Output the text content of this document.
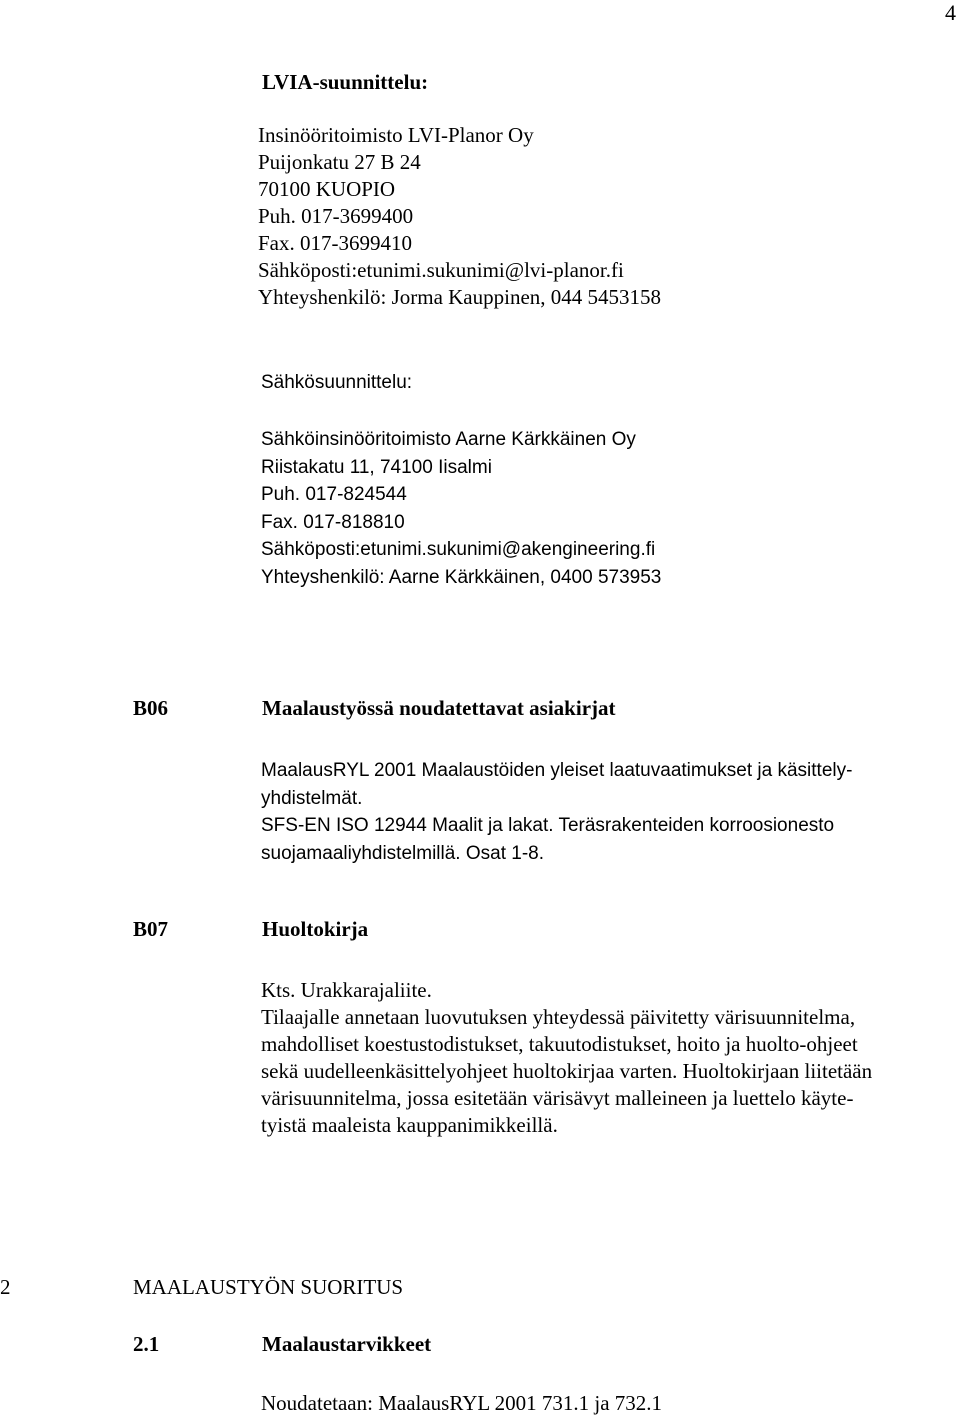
4
LVIA-suunnittelu:
Insinööritoimisto LVI-Planor Oy
Puijonkatu 27 B 24
70100 KUOPIO
Puh. 017-3699400
Fax. 017-3699410
Sähköposti:etunimi.sukunimi@lvi-planor.fi
Yhteyshenkilö: Jorma Kauppinen, 044 5453158
Sähkösuunnittelu:
Sähköinsinööritoimisto Aarne Kärkkäinen Oy
Riistakatu 11, 74100 Iisalmi
Puh. 017-824544
Fax. 017-818810
Sähköposti:etunimi.sukunimi@akengineering.fi
Yhteyshenkilö: Aarne Kärkkäinen, 0400 573953
B06	Maalaustyössä noudatettavat asiakirjat
MaalausRYL 2001 Maalaustöiden yleiset laatuvaatimukset ja käsittely-
yhdistelmät.
SFS-EN ISO 12944 Maalit ja lakat. Teräsrakenteiden korroosionesto
suojamaaliyhdistelmillä. Osat 1-8.
B07	Huoltokirja
Kts. Urakkarajaliite.
Tilaajalle annetaan luovutuksen yhteydessä päivitetty värisuunnitelma,
mahdolliset koestustodistukset, takuutodistukset, hoito ja huolto-ohjeet
sekä uudelleenkäsittelyohjeet huoltokirjaa varten. Huoltokirjaan liitetään
värisuunnitelma, jossa esitetään värisävyt malleineen ja luettelo käyte-
tyistä maaleista kauppanimikkeillä.
2	MAALAUSTYÖN SUORITUS
2.1	Maalaustarvikkeet
Noudatetaan: MaalausRYL 2001 731.1 ja 732.1
